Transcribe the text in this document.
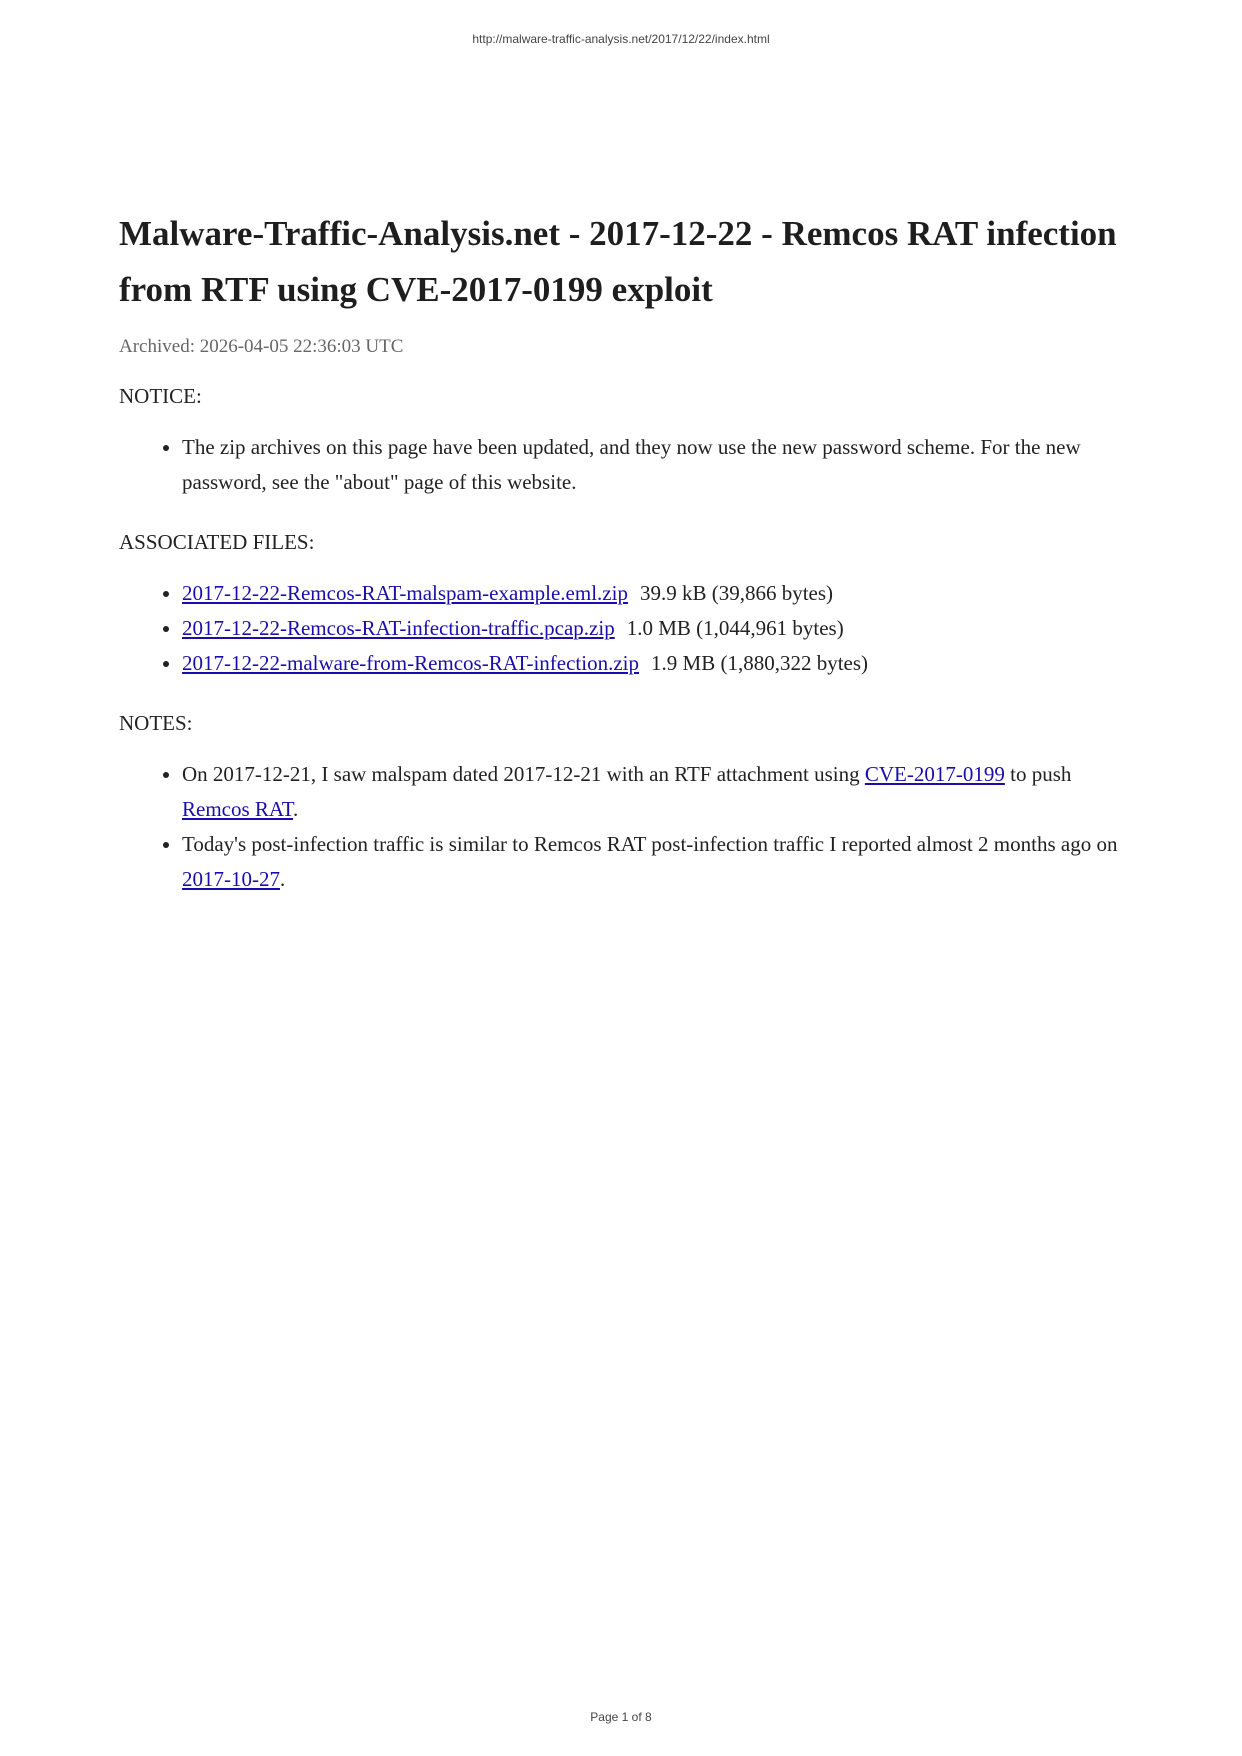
http://malware-traffic-analysis.net/2017/12/22/index.html
Malware-Traffic-Analysis.net - 2017-12-22 - Remcos RAT infection from RTF using CVE-2017-0199 exploit
Archived: 2026-04-05 22:36:03 UTC
NOTICE:
• The zip archives on this page have been updated, and they now use the new password scheme. For the new password, see the "about" page of this website.
ASSOCIATED FILES:
• 2017-12-22-Remcos-RAT-malspam-example.eml.zip 39.9 kB (39,866 bytes)
• 2017-12-22-Remcos-RAT-infection-traffic.pcap.zip 1.0 MB (1,044,961 bytes)
• 2017-12-22-malware-from-Remcos-RAT-infection.zip 1.9 MB (1,880,322 bytes)
NOTES:
• On 2017-12-21, I saw malspam dated 2017-12-21 with an RTF attachment using CVE-2017-0199 to push Remcos RAT.
• Today's post-infection traffic is similar to Remcos RAT post-infection traffic I reported almost 2 months ago on 2017-10-27.
Page 1 of 8
